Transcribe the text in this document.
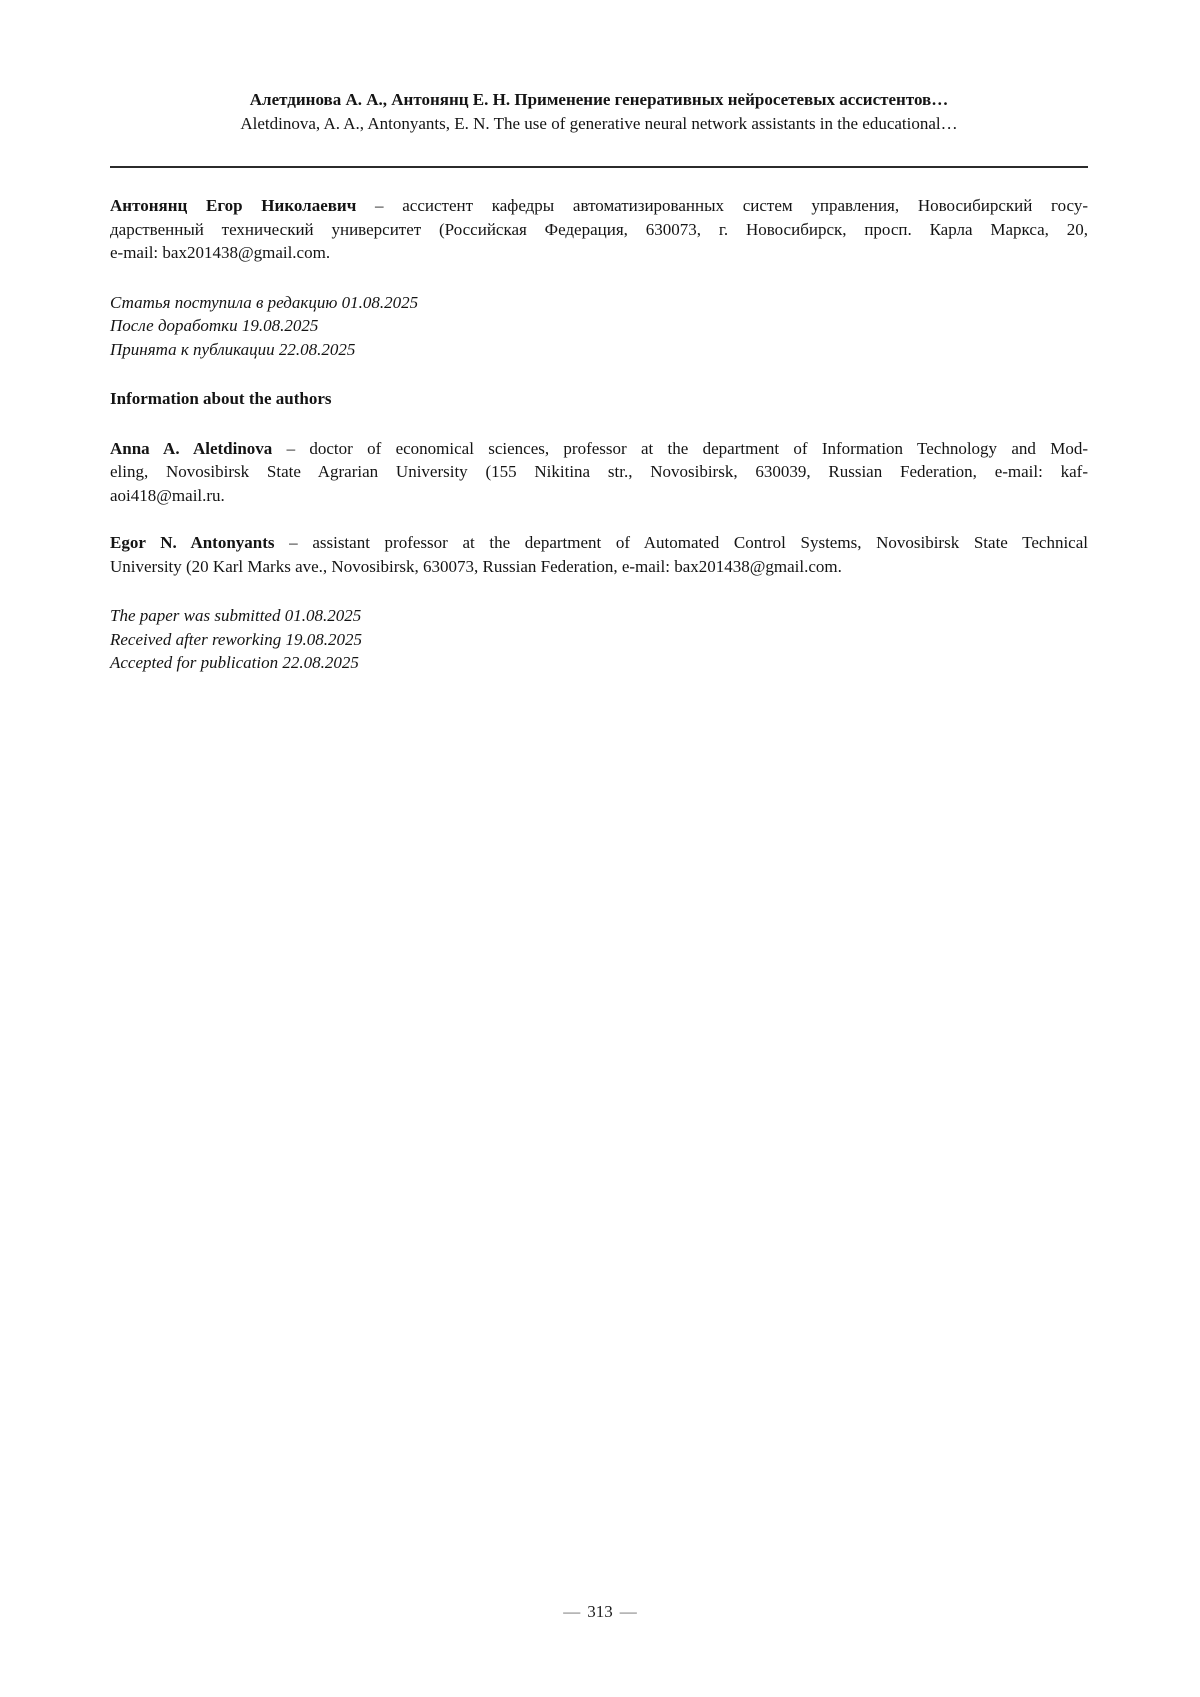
Алетдинова А. А., Антонянц Е. Н. Применение генеративных нейросетевых ассистентов…
Aletdinova, A. A., Antonyants, E. N. The use of generative neural network assistants in the educational…
Антонянц Егор Николаевич – ассистент кафедры автоматизированных систем управления, Новосибирский госу-
дарственный технический университет (Российская Федерация, 630073, г. Новосибирск, просп. Карла Маркса, 20,
e-mail: bax201438@gmail.com.
Статья поступила в редакцию 01.08.2025
После доработки 19.08.2025
Принята к публикации 22.08.2025
Information about the authors
Anna A. Aletdinova – doctor of economical sciences, professor at the department of Information Technology and Mod-
eling, Novosibirsk State Agrarian University (155 Nikitina str., Novosibirsk, 630039, Russian Federation, e-mail: kaf-
aoi418@mail.ru.
Egor N. Antonyants – assistant professor at the department of Automated Control Systems, Novosibirsk State Technical
University (20 Karl Marks ave., Novosibirsk, 630073, Russian Federation, e-mail: bax201438@gmail.com.
The paper was submitted 01.08.2025
Received after reworking 19.08.2025
Accepted for publication 22.08.2025
— 313 —
